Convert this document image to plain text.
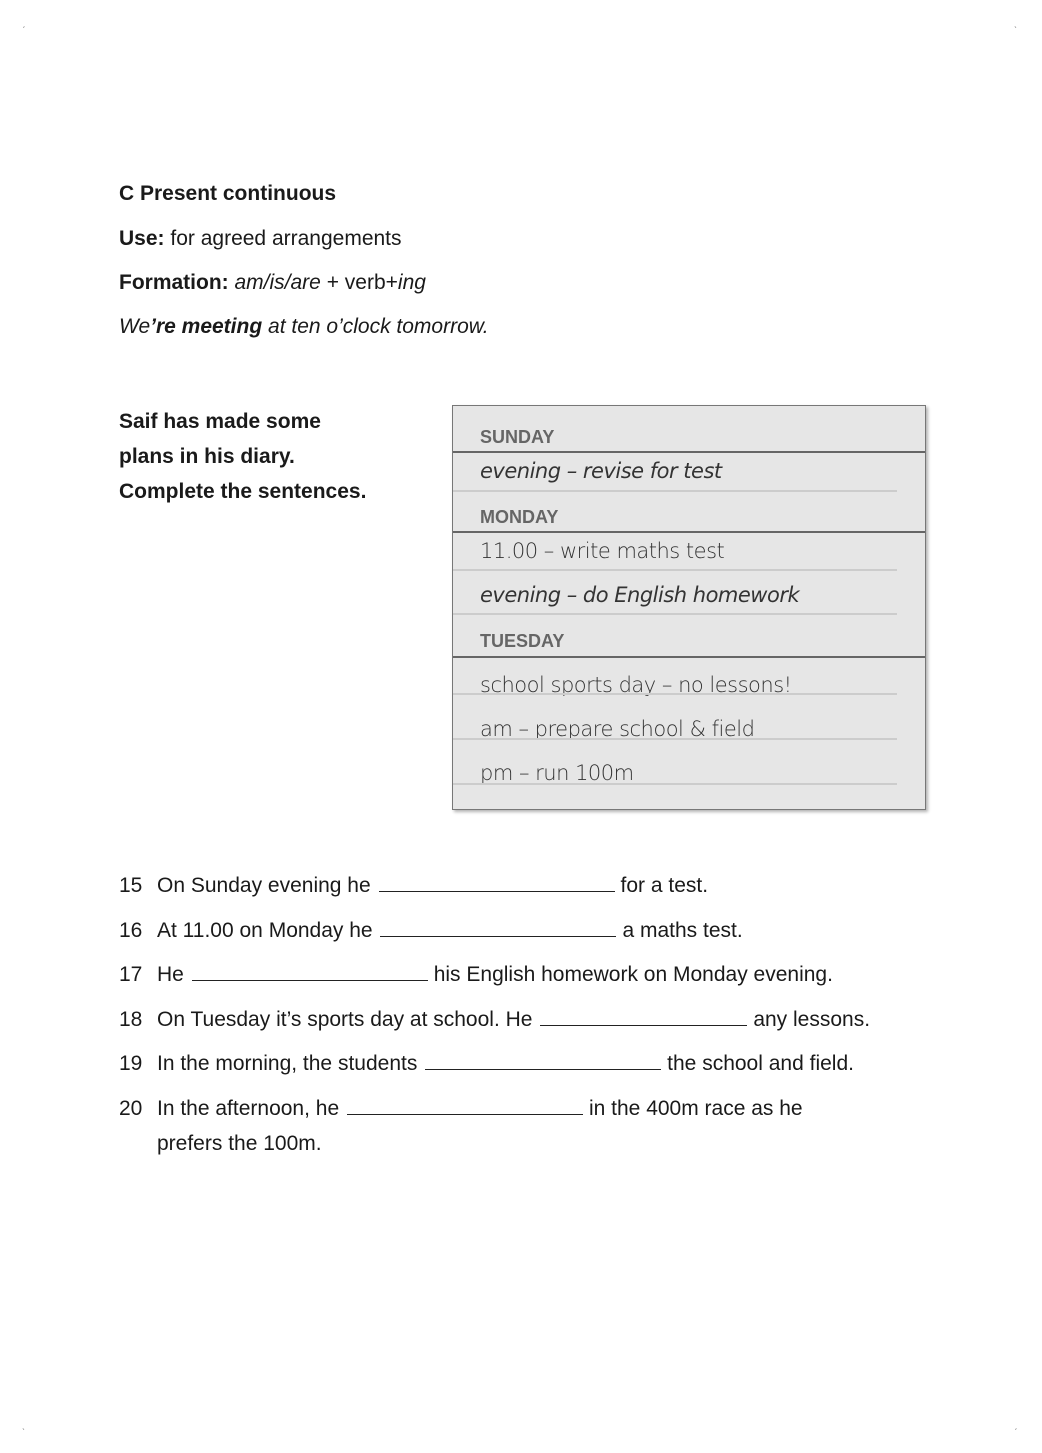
ˏ	ˎ
ˎ	ˏ
C Present continuous
Use: for agreed arrangements
Formation: am/is/are + verb+ing
We’re meeting at ten o’clock tomorrow.
Saif has made some
plans in his diary.
Complete the sentences.
SUNDAY
evening – revise for test
MONDAY
11.00 – write maths test
evening – do English homework
TUESDAY
school sports day – no lessons!
am – prepare school & field
pm – run 100m
15 On Sunday evening he	for a test.
16 At 11.00 on Monday he	a maths test.
17 He	his English homework on Monday evening.
18 On Tuesday it’s sports day at school. He	any lessons.
19 In the morning, the students	the school and field.
20 In the afternoon, he	in the 400m race as he
prefers the 100m.
